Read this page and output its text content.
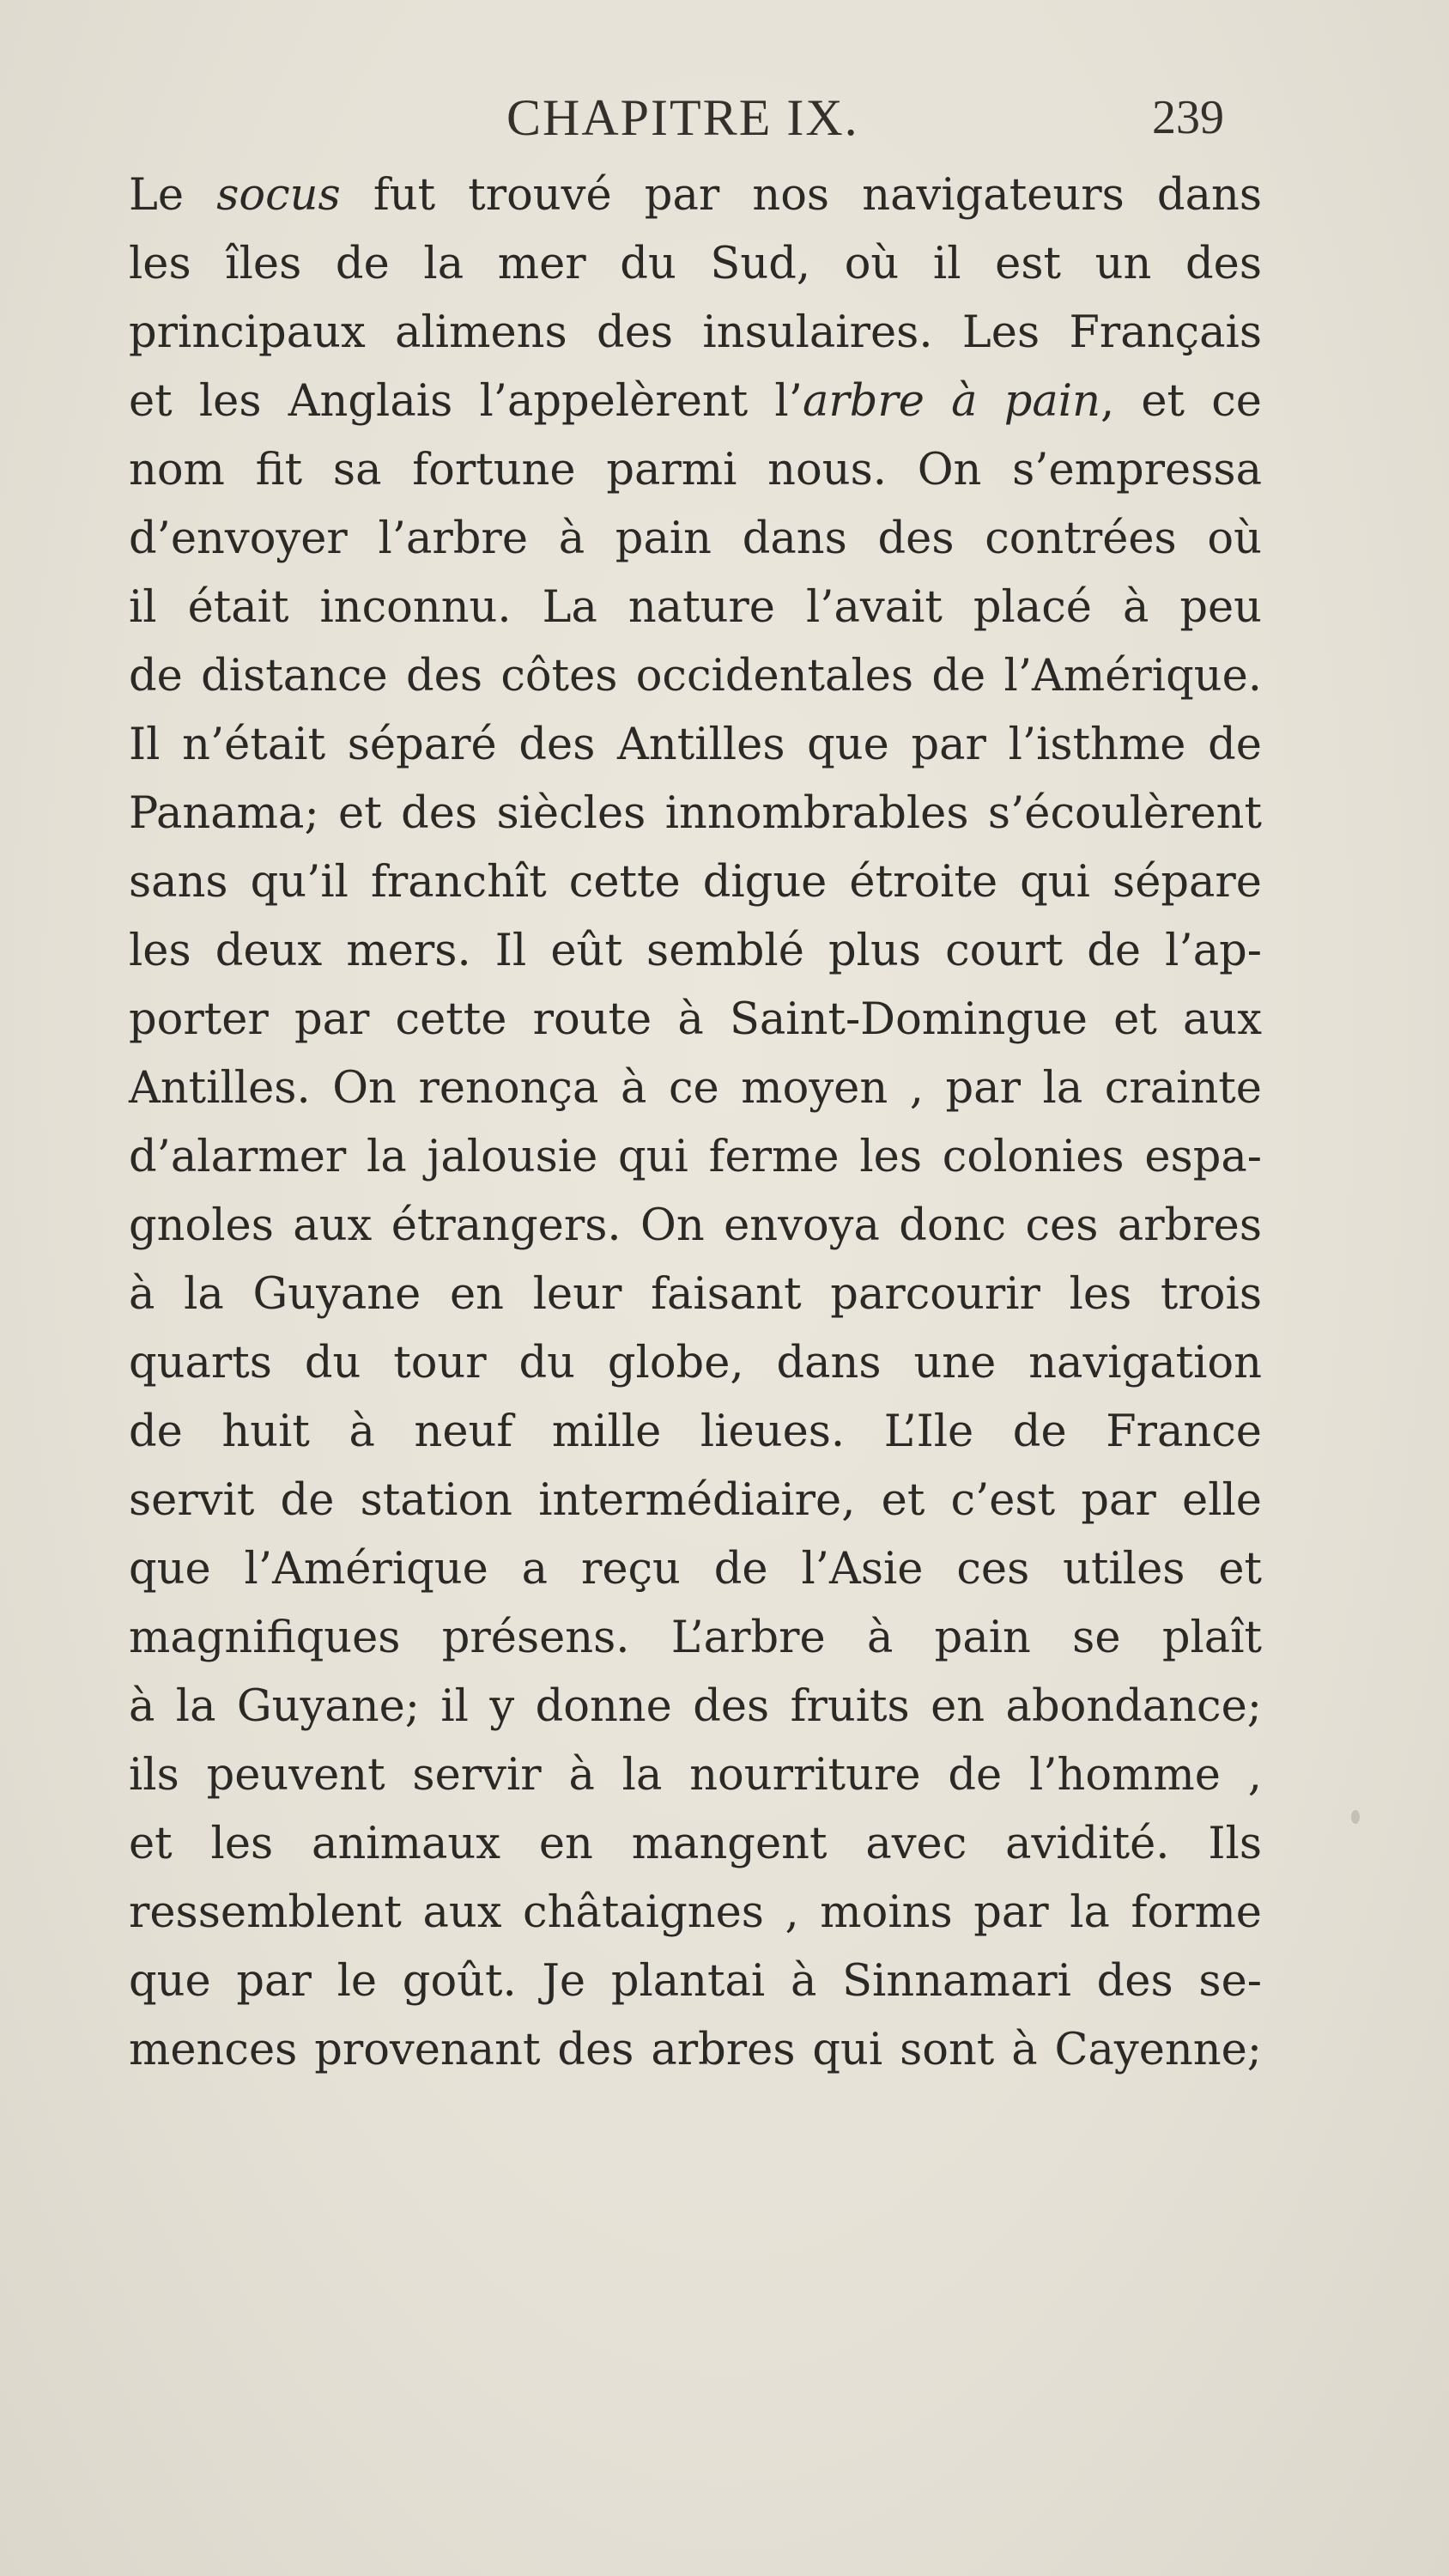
CHAPITRE IX.	239
Le socus fut trouvé par nos navigateurs dans
les îles de la mer du Sud, où il est un des
principaux alimens des insulaires. Les Français
et les Anglais l’appelèrent l’arbre à pain, et ce
nom fit sa fortune parmi nous. On s’empressa
d’envoyer l’arbre à pain dans des contrées où
il était inconnu. La nature l’avait placé à peu
de distance des côtes occidentales de l’Amérique.
Il n’était séparé des Antilles que par l’isthme de
Panama; et des siècles innombrables s’écoulèrent
sans qu’il franchît cette digue étroite qui sépare
les deux mers. Il eût semblé plus court de l’ap-
porter par cette route à Saint-Domingue et aux
Antilles. On renonça à ce moyen , par la crainte
d’alarmer la jalousie qui ferme les colonies espa-
gnoles aux étrangers. On envoya donc ces arbres
à la Guyane en leur faisant parcourir les trois
quarts du tour du globe, dans une navigation
de huit à neuf mille lieues. L’Ile de France
servit de station intermédiaire, et c’est par elle
que l’Amérique a reçu de l’Asie ces utiles et
magnifiques présens. L’arbre à pain se plaît
à la Guyane; il y donne des fruits en abondance;
ils peuvent servir à la nourriture de l’homme ,
et les animaux en mangent avec avidité. Ils
ressemblent aux châtaignes , moins par la forme
que par le goût. Je plantai à Sinnamari des se-
mences provenant des arbres qui sont à Cayenne;
